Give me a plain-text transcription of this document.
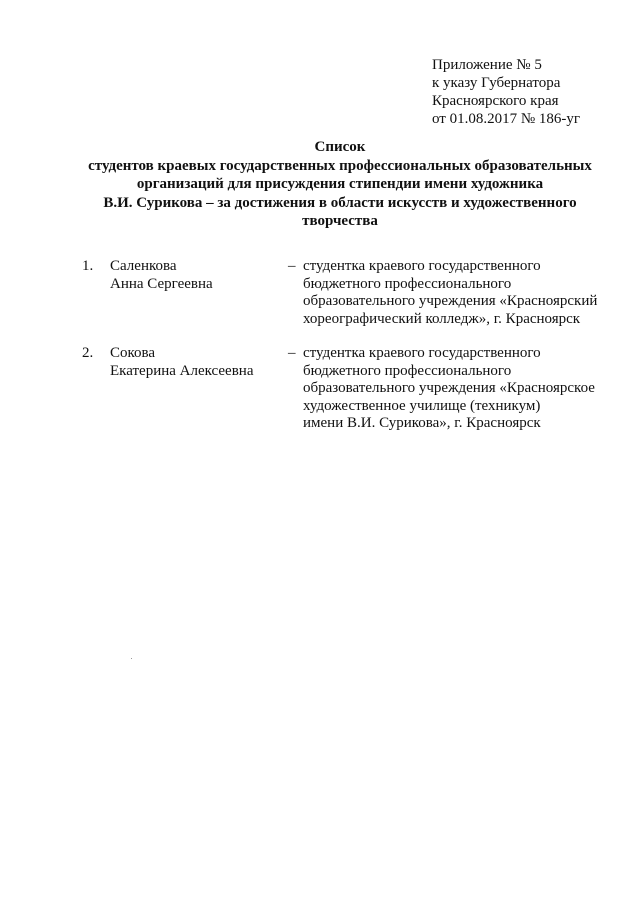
Приложение № 5
к указу Губернатора
Красноярского края
от 01.08.2017 № 186-уг
Список
студентов краевых государственных профессиональных образовательных
организаций для присуждения стипендии имени художника
В.И. Сурикова – за достижения в области искусств и художественного
творчества
1. Саленкова
Анна Сергеевна
– студентка краевого государственного
бюджетного профессионального
образовательного учреждения «Красноярский
хореографический колледж», г. Красноярск
2. Сокова
Екатерина Алексеевна
– студентка краевого государственного
бюджетного профессионального
образовательного учреждения «Красноярское
художественное училище (техникум)
имени В.И. Сурикова», г. Красноярск
